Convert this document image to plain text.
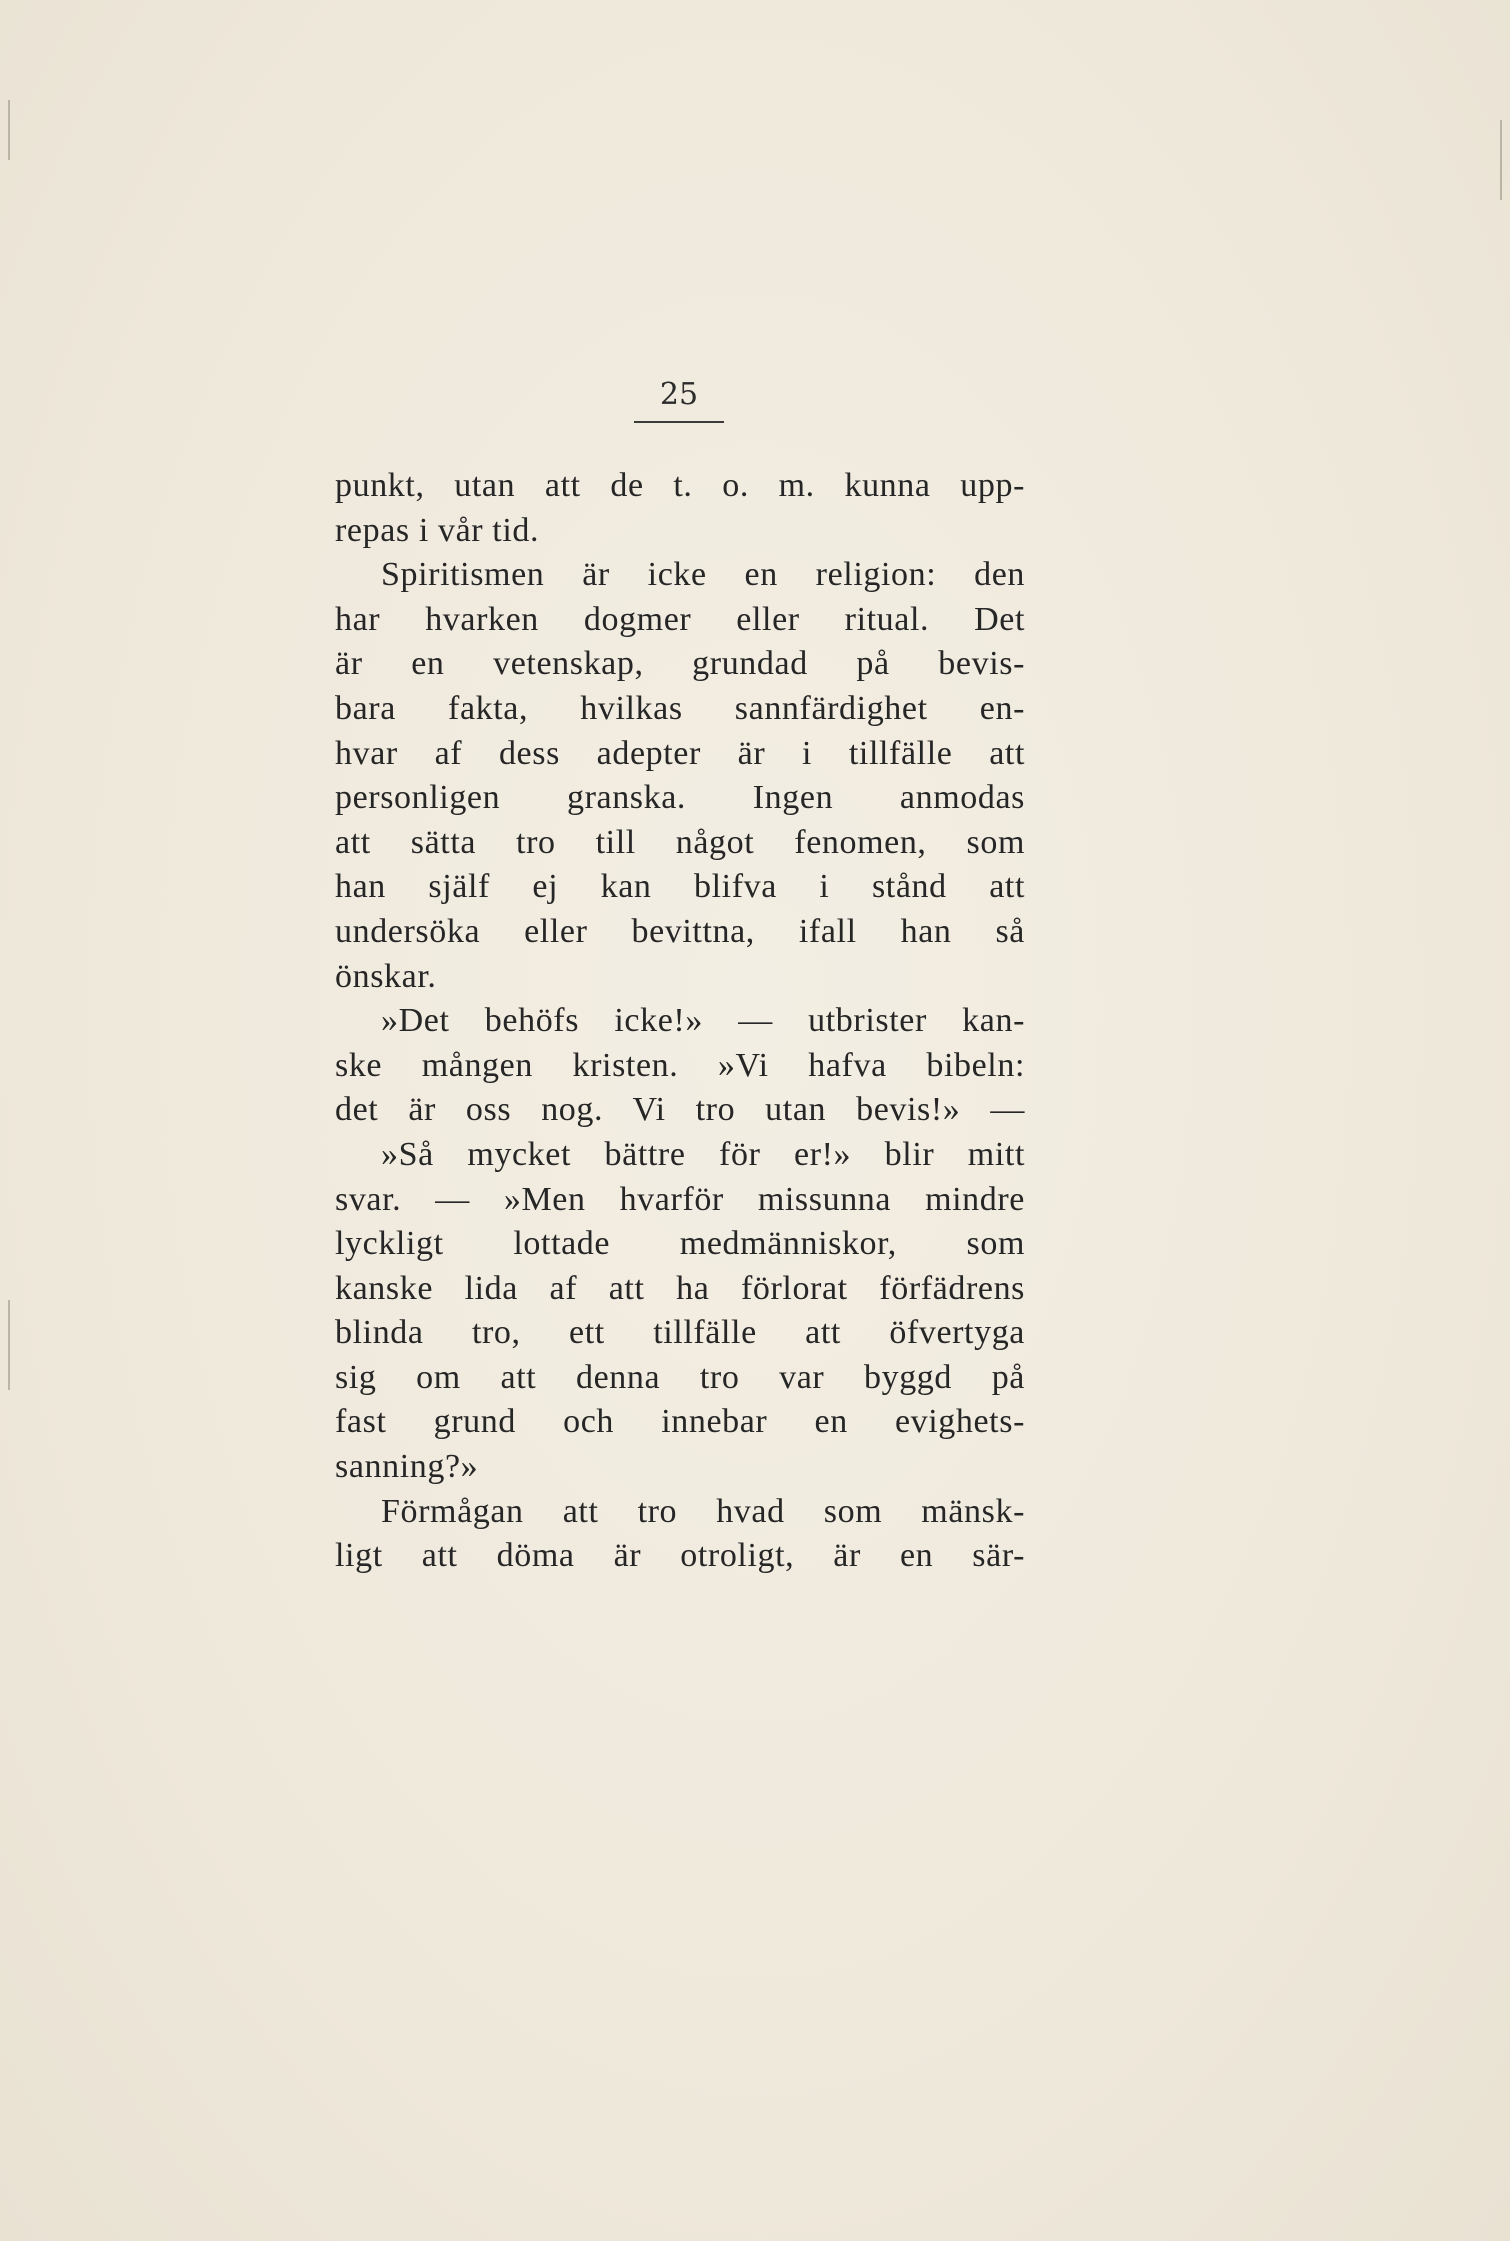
25
punkt, utan att de t. o. m. kunna upp-
repas i vår tid.
Spiritismen är icke en religion: den
har hvarken dogmer eller ritual. Det
är en vetenskap, grundad på bevis-
bara fakta, hvilkas sannfärdighet en-
hvar af dess adepter är i tillfälle att
personligen granska. Ingen anmodas
att sätta tro till något fenomen, som
han själf ej kan blifva i stånd att
undersöka eller bevittna, ifall han så
önskar.
»Det behöfs icke!» — utbrister kan-
ske mången kristen. »Vi hafva bibeln:
det är oss nog. Vi tro utan bevis!» —
»Så mycket bättre för er!» blir mitt
svar. — »Men hvarför missunna mindre
lyckligt lottade medmänniskor, som
kanske lida af att ha förlorat förfädrens
blinda tro, ett tillfälle att öfvertyga
sig om att denna tro var byggd på
fast grund och innebar en evighets-
sanning?»
Förmågan att tro hvad som mänsk-
ligt att döma är otroligt, är en sär-
